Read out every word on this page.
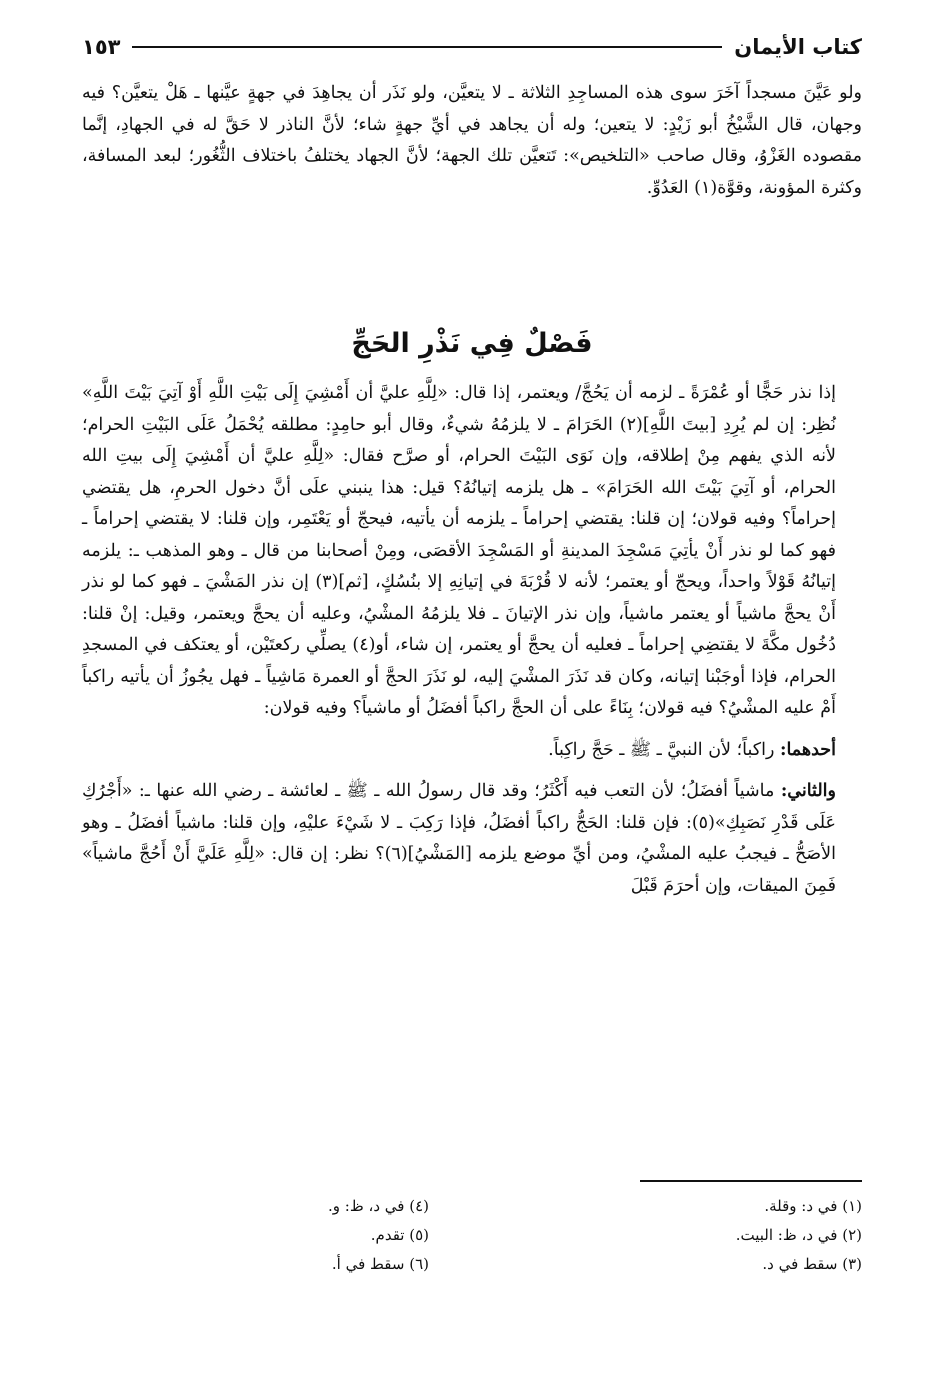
كتاب الأيمان
١٥٣

ولو عَيَّنَ مسجداً آخَرَ سوى هذه المساجِدِ الثلاثة ـ لا يتعيَّن، ولو نَذَر أن يجاهِدَ في جهةٍ عيَّنها ـ هَلْ يتعيَّن؟ فيه وجهان، قال الشَّيْخُ أبو زَيْدٍ: لا يتعين؛ وله أن يجاهد في أيِّ جهةٍ شاء؛ لأنَّ الناذر لا حَقَّ له في الجهادِ، إنَّما مقصوده الغَزْوُ، وقال صاحب «التلخيص»: تَتعيَّن تلك الجهة؛ لأنَّ الجهاد يختلفُ باختلاف الثُّغُور؛ لبعد المسافة، وكثرة المؤونة، وقوَّة(١) العَدُوِّ.

فَصْلٌ فِي نَذْرِ الحَجِّ

إذا نذر حَجًّا أو عُمْرَةً ـ لزمه أن يَحُجَّ/ ويعتمر، إذا قال: «لِلَّهِ عليَّ أن أَمْشِيَ إِلَى بَيْتِ اللَّهِ أَوْ آتِيَ بَيْتَ اللَّهِ» نُظِر: إن لم يُرِدِ [بيتَ اللَّهِ](٢) الحَرَامَ ـ لا يلزمُهُ شيءٌ، وقال أبو حامِدٍ: مطلقه يُحْمَلُ عَلَى البَيْتِ الحرام؛ لأنه الذي يفهم مِنْ إطلاقه، وإن نَوَى البَيْتَ الحرام، أو صرَّح فقال: «لِلَّهِ عليَّ أن أَمْشِيَ إِلَى بيتِ الله الحرام، أو آتِيَ بَيْتَ الله الحَرَامَ» ـ هل يلزمه إتيانُهُ؟ قيل: هذا ينبني علَى أنَّ دخول الحرمِ، هل يقتضي إحراماً؟ وفيه قولان؛ إن قلنا: يقتضي إحراماً ـ يلزمه أن يأتيه، فيحجّ أو يَعْتَمِر، وإن قلنا: لا يقتضي إحراماً ـ فهو كما لو نذر أَنْ يأتِيَ مَسْجِدَ المدينةِ أو المَسْجِدَ الأقصَى، ومِنْ أصحابنا من قال ـ وهو المذهب ـ: يلزمه إتيانُهُ قَوْلاً واحداً، ويحجّ أو يعتمر؛ لأنه لا قُرْبَةَ في إتيانِهِ إلا بنُسُكٍ، [ثم](٣) إن نذر المَشْيَ ـ فهو كما لو نذر أَنْ يحجَّ ماشياً أو يعتمر ماشياً، وإن نذر الإتيانَ ـ فلا يلزمُهُ المشْيُ، وعليه أن يحجَّ ويعتمر، وقيل: إنْ قلنا: دُخُول مكَّةَ لا يقتضِي إحراماً ـ فعليه أن يحجَّ أو يعتمر، إن شاء، أو(٤) يصلِّي ركعتَيْن، أو يعتكف في المسجدِ الحرام، فإذا أوجَبْنا إتيانه، وكان قد نَذَرَ المشْيَ إليه، لو نَذَرَ الحجَّ أو العمرة مَاشِياً ـ فهل يجُوزُ أن يأتيه راكباً أَمْ عليه المشْيُ؟ فيه قولان؛ بِنَاءً على أن الحجَّ راكباً أفضَلُ أو ماشياً؟ وفيه قولان:

أحدهما: راكباً؛ لأن النبيَّ ـ ﷺ ـ حَجَّ راكِباً.

والثاني: ماشياً أفضَلُ؛ لأن التعب فيه أَكْثَرُ؛ وقد قال رسولُ الله ـ ﷺ ـ لعائشة ـ رضي الله عنها ـ: «أَجْرُكِ عَلَى قَدْرِ نَصَبِكِ»(٥): فإن قلنا: الحَجُّ راكباً أفضَلُ، فإذا رَكِبَ ـ لا شَيْءَ عليْهِ، وإن قلنا: ماشياً أفضَلُ ـ وهو الأصَحُّ ـ فيجبُ عليه المشْيُ، ومن أيِّ موضع يلزمه [المَشْيُ](٦)؟ نظر: إن قال: «لِلَّهِ عَلَيَّ أَنْ أَحُجَّ ماشياً» فَمِنَ الميقات، وإن أحرَمَ قَبْلَ

(١) في د: وقلة.
(٢) في د، ظ: البيت.
(٣) سقط في د.
(٤) في د، ظ: و.
(٥) تقدم.
(٦) سقط في أ.
